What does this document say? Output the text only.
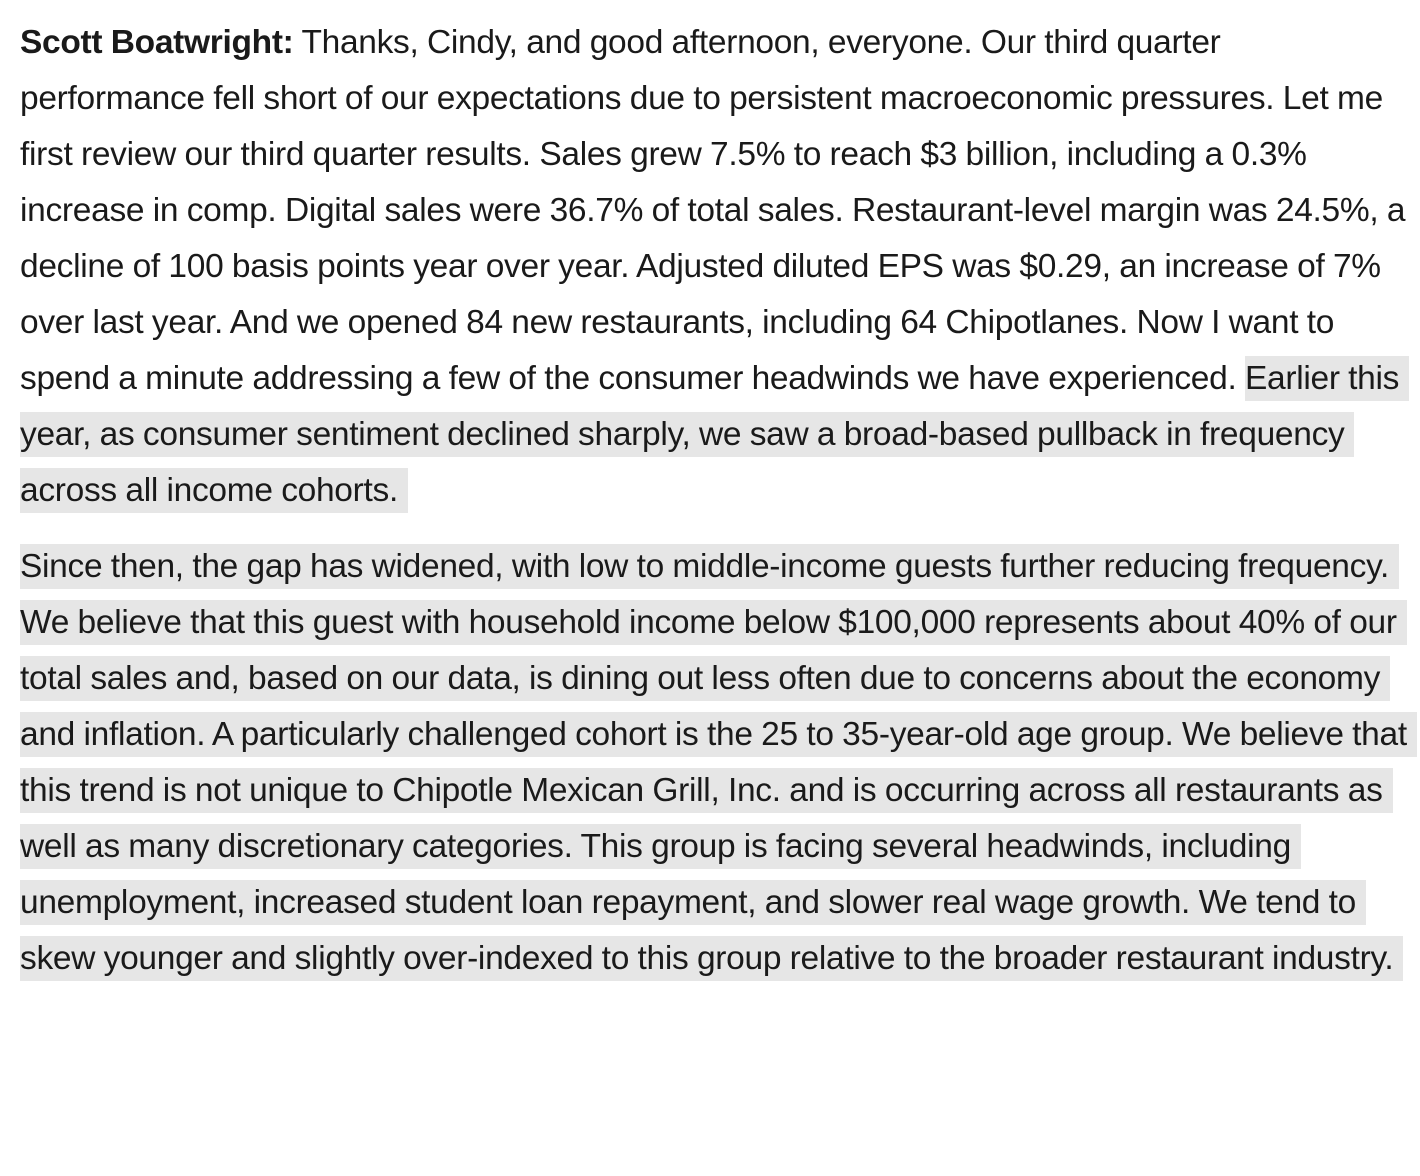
Scott Boatwright: Thanks, Cindy, and good afternoon, everyone. Our third quarter performance fell short of our expectations due to persistent macroeconomic pressures. Let me first review our third quarter results. Sales grew 7.5% to reach $3 billion, including a 0.3% increase in comp. Digital sales were 36.7% of total sales. Restaurant-level margin was 24.5%, a decline of 100 basis points year over year. Adjusted diluted EPS was $0.29, an increase of 7% over last year. And we opened 84 new restaurants, including 64 Chipotlanes. Now I want to spend a minute addressing a few of the consumer headwinds we have experienced. Earlier this year, as consumer sentiment declined sharply, we saw a broad-based pullback in frequency across all income cohorts.

Since then, the gap has widened, with low to middle-income guests further reducing frequency. We believe that this guest with household income below $100,000 represents about 40% of our total sales and, based on our data, is dining out less often due to concerns about the economy and inflation. A particularly challenged cohort is the 25 to 35-year-old age group. We believe that this trend is not unique to Chipotle Mexican Grill, Inc. and is occurring across all restaurants as well as many discretionary categories. This group is facing several headwinds, including unemployment, increased student loan repayment, and slower real wage growth. We tend to skew younger and slightly over-indexed to this group relative to the broader restaurant industry.
